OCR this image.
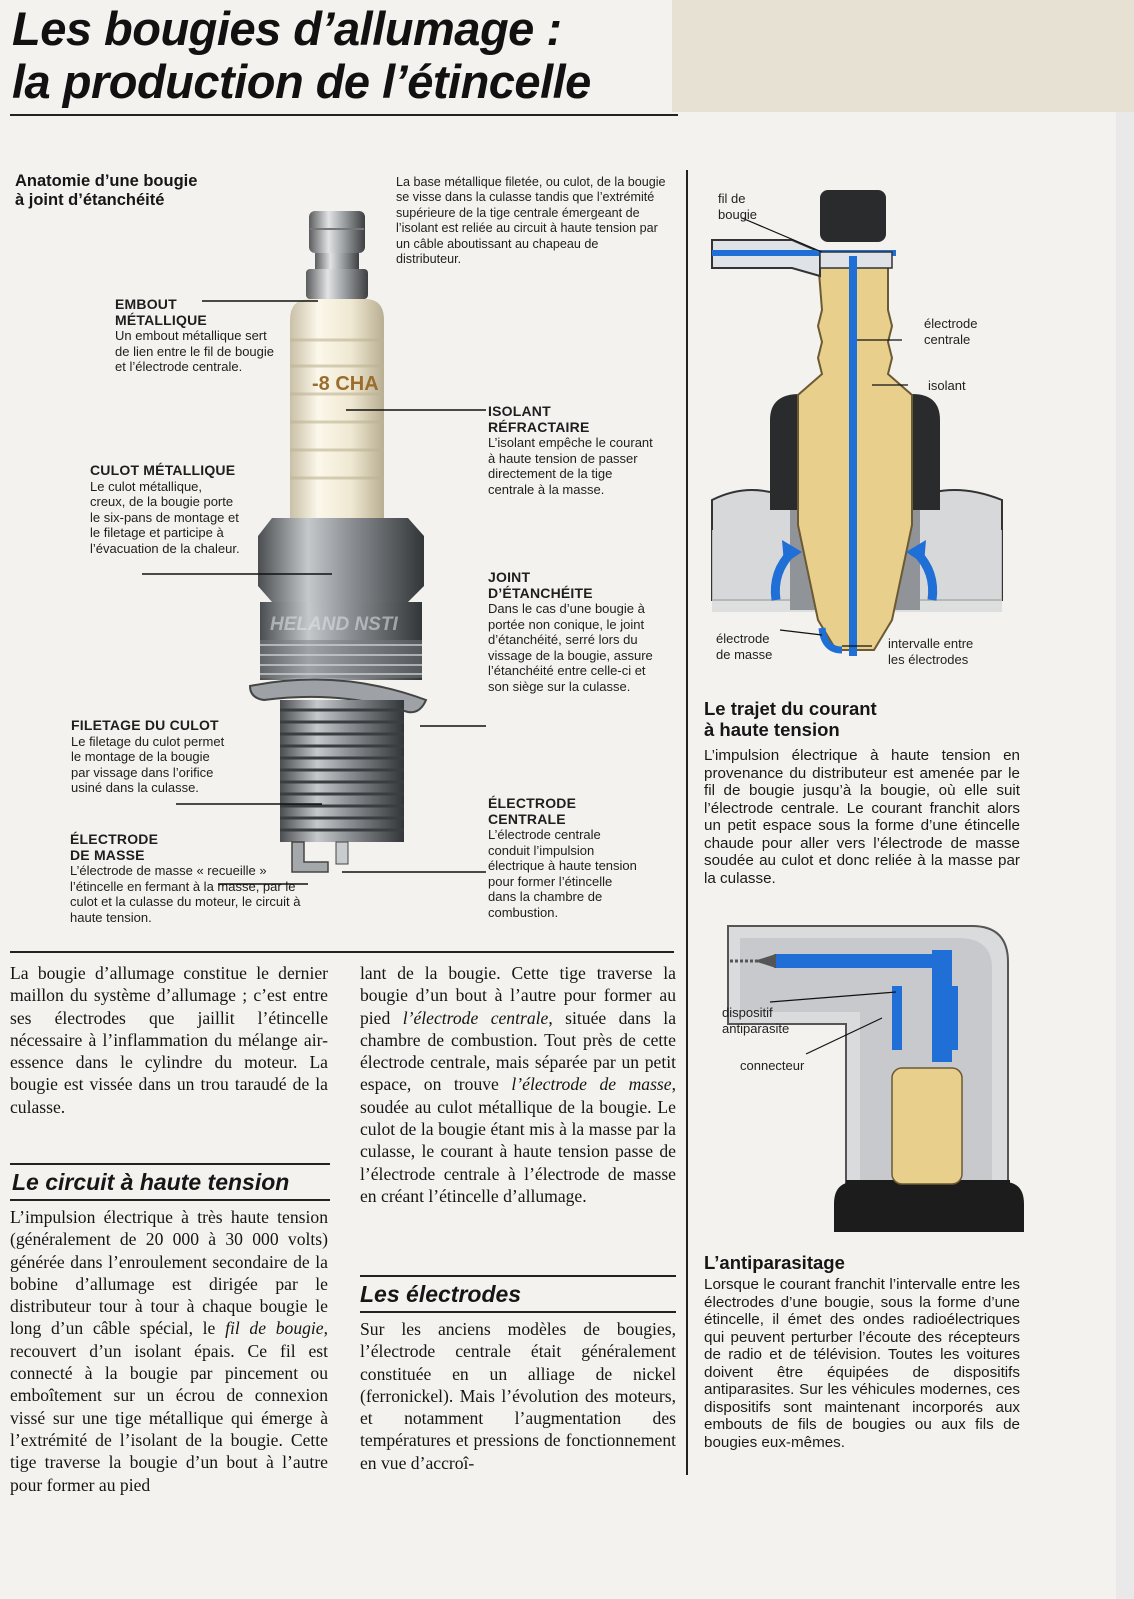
Les bougies d’allumage :
la production de l’étincelle
Anatomie d’une bougie
à joint d’étanchéité
La base métallique filetée, ou culot, de la bougie se visse dans la culasse tandis que l’extrémité supérieure de la tige centrale émergeant de l’isolant est reliée au circuit à haute tension par un câble aboutissant au chapeau de distributeur.
-8 CHA
HELAND NSTI
EMBOUT
MÉTALLIQUE
Un embout métallique sert de lien entre le fil de bougie et l’électrode centrale.
ISOLANT
RÉFRACTAIRE
L’isolant empêche le courant à haute tension de passer directement de la tige centrale à la masse.
CULOT MÉTALLIQUE
Le culot métallique, creux, de la bougie porte le six-pans de montage et le filetage et participe à l’évacuation de la chaleur.
JOINT
D’ÉTANCHÉITE
Dans le cas d’une bougie à portée non conique, le joint d’étanchéité, serré lors du vissage de la bougie, assure l’étanchéité entre celle-ci et son siège sur la culasse.
FILETAGE DU CULOT
Le filetage du culot permet le montage de la bougie par vissage dans l’orifice usiné dans la culasse.
ÉLECTRODE
CENTRALE
L’électrode centrale conduit l’impulsion électrique à haute tension pour former l’étincelle dans la chambre de combustion.
ÉLECTRODE
DE MASSE
L’électrode de masse « recueille » l’étincelle en fermant à la masse, par le culot et la culasse du moteur, le circuit à haute tension.
La bougie d’allumage constitue le dernier maillon du système d’allumage ; c’est entre ses électrodes que jaillit l’étincelle nécessaire à l’inflammation du mélange air-essence dans le cylindre du moteur. La bougie est vissée dans un trou taraudé de la culasse.
Le circuit à haute tension
L’impulsion électrique à très haute tension (généralement de 20 000 à 30 000 volts) générée dans l’enroulement secondaire de la bobine d’allumage est dirigée par le distributeur tour à tour à chaque bougie le long d’un câble spécial, le fil de bougie, recouvert d’un isolant épais. Ce fil est connecté à la bougie par pincement ou emboîtement sur un écrou de connexion vissé sur une tige métallique qui émerge à l’extrémité de l’isolant de la bougie. Cette tige traverse la bougie d’un bout à l’autre pour former au pied
lant de la bougie. Cette tige traverse la bougie d’un bout à l’autre pour former au pied l’électrode centrale, située dans la chambre de combustion. Tout près de cette électrode centrale, mais séparée par un petit espace, on trouve l’électrode de masse, soudée au culot métallique de la bougie. Le culot de la bougie étant mis à la masse par la culasse, le courant à haute tension passe de l’électrode centrale à l’électrode de masse en créant l’étincelle d’allumage.
Les électrodes
Sur les anciens modèles de bougies, l’électrode centrale était généralement constituée en un alliage de nickel (ferronickel). Mais l’évolution des moteurs, et notamment l’augmentation des températures et pressions de fonctionnement en vue d’accroî-
fil de bougie
électrode centrale
isolant
électrode de masse
intervalle entre les électrodes
Le trajet du courant
à haute tension
L’impulsion électrique à haute tension en provenance du distributeur est amenée par le fil de bougie jusqu’à la bougie, où elle suit l’électrode centrale. Le courant franchit alors un petit espace sous la forme d’une étincelle chaude pour aller vers l’électrode de masse soudée au culot et donc reliée à la masse par la culasse.
dispositif antiparasite
connecteur
L’antiparasitage
Lorsque le courant franchit l’intervalle entre les électrodes d’une bougie, sous la forme d’une étincelle, il émet des ondes radioélectriques qui peuvent perturber l’écoute des récepteurs de radio et de télévision. Toutes les voitures doivent être équipées de dispositifs antiparasites. Sur les véhicules modernes, ces dispositifs sont maintenant incorporés aux embouts de fils de bougies ou aux fils de bougies eux-mêmes.
